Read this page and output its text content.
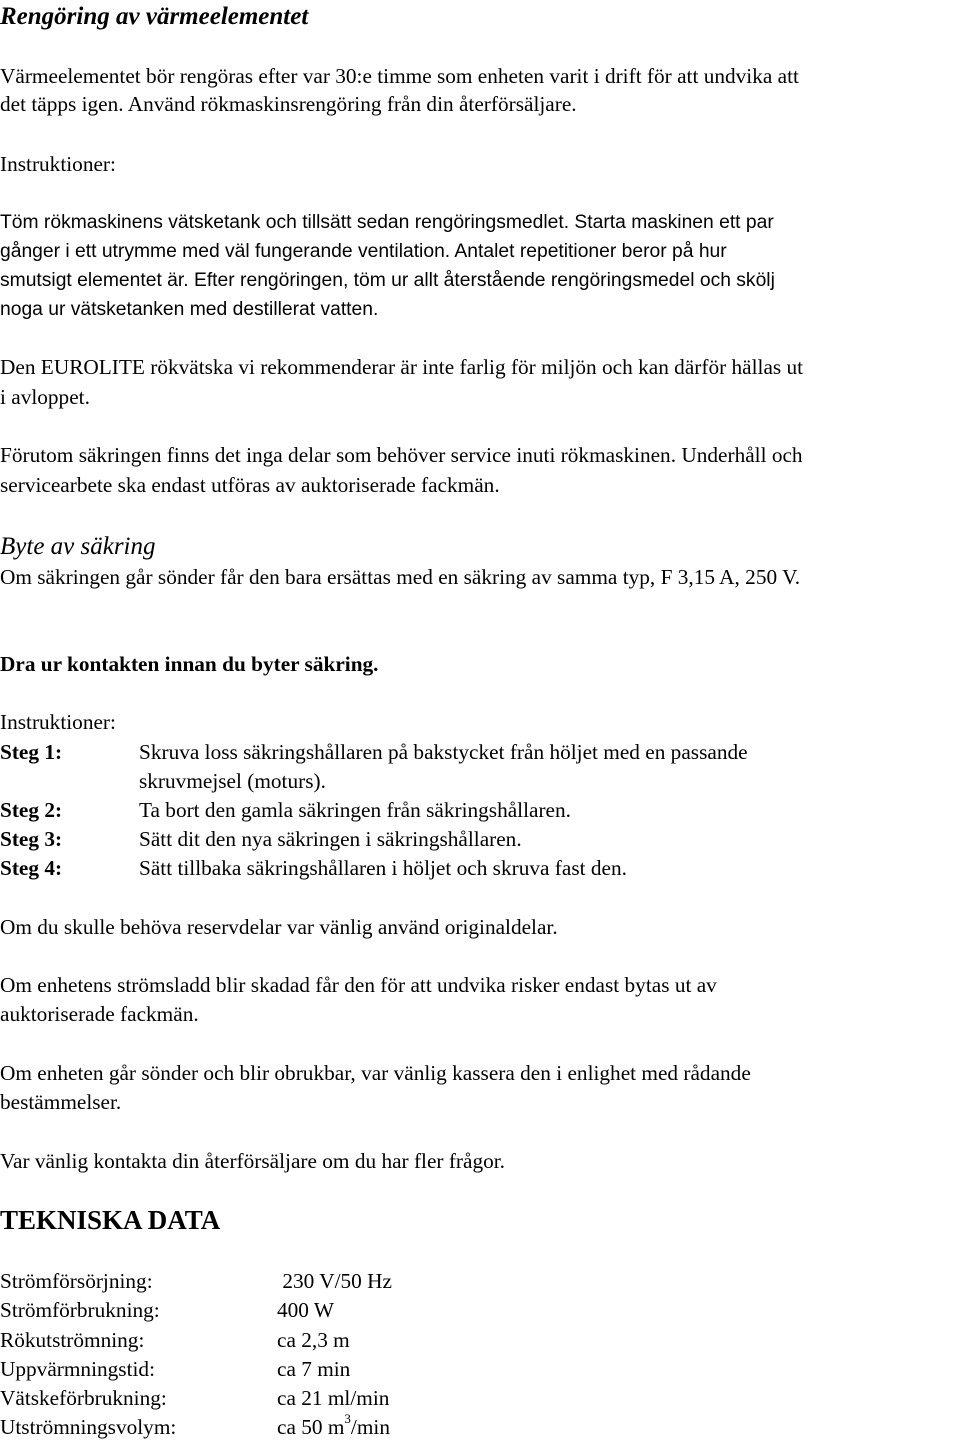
Rengöring av värmeelementet
Värmeelementet bör rengöras efter var 30:e timme som enheten varit i drift för att undvika att
det täpps igen. Använd rökmaskinsrengöring från din återförsäljare.
Instruktioner:
Töm rökmaskinens vätsketank och tillsätt sedan rengöringsmedlet. Starta maskinen ett par
gånger i ett utrymme med väl fungerande ventilation. Antalet repetitioner beror på hur
smutsigt elementet är. Efter rengöringen, töm ur allt återstående rengöringsmedel och skölj
noga ur vätsketanken med destillerat vatten.
Den EUROLITE rökvätska vi rekommenderar är inte farlig för miljön och kan därför hällas ut
i avloppet.
Förutom säkringen finns det inga delar som behöver service inuti rökmaskinen. Underhåll och
servicearbete ska endast utföras av auktoriserade fackmän.
Byte av säkring
Om säkringen går sönder får den bara ersättas med en säkring av samma typ, F 3,15 A, 250 V.
Dra ur kontakten innan du byter säkring.
Instruktioner:
Steg 1:	Skruva loss säkringshållaren på bakstycket från höljet med en passande
skruvmejsel (moturs).
Steg 2:	Ta bort den gamla säkringen från säkringshållaren.
Steg 3:	Sätt dit den nya säkringen i säkringshållaren.
Steg 4:	Sätt tillbaka säkringshållaren i höljet och skruva fast den.
Om du skulle behöva reservdelar var vänlig använd originaldelar.
Om enhetens strömsladd blir skadad får den för att undvika risker endast bytas ut av
auktoriserade fackmän.
Om enheten går sönder och blir obrukbar, var vänlig kassera den i enlighet med rådande
bestämmelser.
Var vänlig kontakta din återförsäljare om du har fler frågor.
TEKNISKA DATA
Strömförsörjning:	230 V/50 Hz
Strömförbrukning:	400 W
Rökutströmning:	ca 2,3 m
Uppvärmningstid:	ca 7 min
Vätskeförbrukning:	ca 21 ml/min
Utströmningsvolym:	ca 50 $m^3/\min$
